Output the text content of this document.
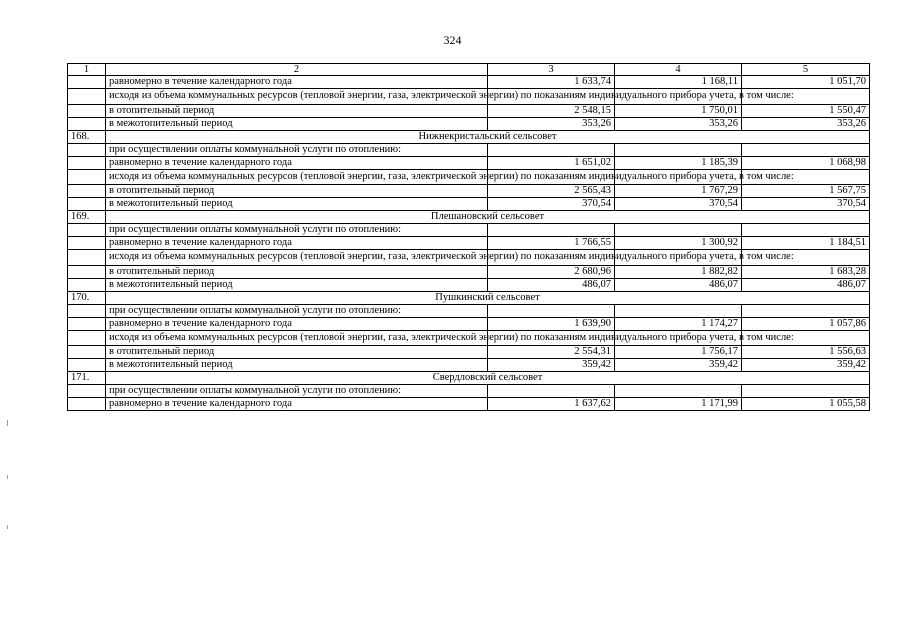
324
1	2	3	4	5
	равномерно в течение календарного года	1 633,74	1 168,11	1 051,70
	исходя из объема коммунальных ресурсов (тепловой энергии, газа, электрической энергии) по показаниям индивидуального прибора учета, в том числе:			
	в отопительный период	2 548,15	1 750,01	1 550,47
	в межотопительный период	353,26	353,26	353,26
168.	Нижнекристальский сельсовет			
	при осуществлении оплаты коммунальной услуги по отоплению:			
	равномерно в течение календарного года	1 651,02	1 185,39	1 068,98
	исходя из объема коммунальных ресурсов (тепловой энергии, газа, электрической энергии) по показаниям индивидуального прибора учета, в том числе:			
	в отопительный период	2 565,43	1 767,29	1 567,75
	в межотопительный период	370,54	370,54	370,54
169.	Плешановский сельсовет			
	при осуществлении оплаты коммунальной услуги по отоплению:			
	равномерно в течение календарного года	1 766,55	1 300,92	1 184,51
	исходя из объема коммунальных ресурсов (тепловой энергии, газа, электрической энергии) по показаниям индивидуального прибора учета, в том числе:			
	в отопительный период	2 680,96	1 882,82	1 683,28
	в межотопительный период	486,07	486,07	486,07
170.	Пушкинский сельсовет			
	при осуществлении оплаты коммунальной услуги по отоплению:			
	равномерно в течение календарного года	1 639,90	1 174,27	1 057,86
	исходя из объема коммунальных ресурсов (тепловой энергии, газа, электрической энергии) по показаниям индивидуального прибора учета, в том числе:			
	в отопительный период	2 554,31	1 756,17	1 556,63
	в межотопительный период	359,42	359,42	359,42
171.	Свердловский сельсовет			
	при осуществлении оплаты коммунальной услуги по отоплению:			
	равномерно в течение календарного года	1 637,62	1 171,99	1 055,58
